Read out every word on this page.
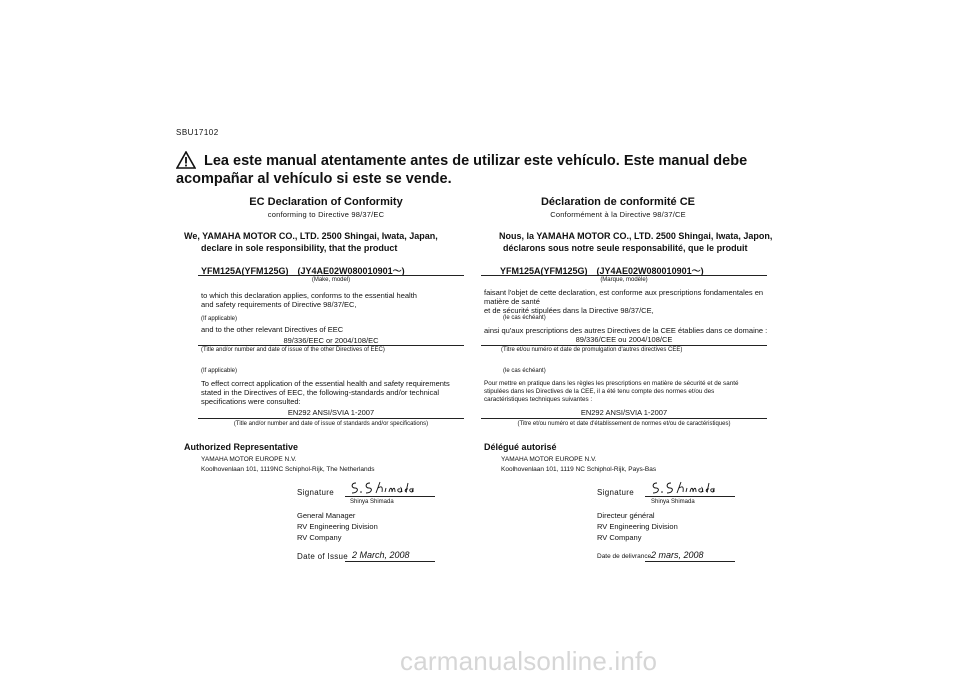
SBU17102
Lea este manual atentamente antes de utilizar este vehículo. Este manual debe acompañar al vehículo si este se vende.
EC Declaration of Conformity
conforming to Directive 98/37/EC
We, YAMAHA MOTOR CO., LTD. 2500 Shingai, Iwata, Japan,
declare in sole responsibility, that the product
YFM125A(YFM125G)　(JY4AE02W080010901～)
(Make, model)
to which this declaration applies, conforms to the essential health
and safety requirements of Directive 98/37/EC,
(If applicable)
and to the other relevant Directives of EEC
89/336/EEC or 2004/108/EC
(Title and/or number and date of issue of the other Directives of EEC)
(If applicable)
To effect correct application of the essential health and safety requirements
stated in the Directives of EEC, the following-standards and/or technical
specifications were consulted:
EN292 ANSI/SVIA 1-2007
(Title and/or number and date of issue of standards and/or specifications)
Authorized Representative
YAMAHA MOTOR EUROPE N.V.
Koolhovenlaan 101, 1119NC Schiphol-Rijk, The Netherlands
Signature
Shinya Shimada
General Manager
RV Engineering Division
RV Company
Date of Issue 2 March, 2008
Déclaration de conformité CE
Conformément à la Directive 98/37/CE
Nous, la YAMAHA MOTOR CO., LTD. 2500 Shingai, Iwata, Japon,
déclarons sous notre seule responsabilité, que le produit
YFM125A(YFM125G)　(JY4AE02W080010901～)
(Marque, modèle)
faisant l'objet de cette declaration, est conforme aux prescriptions fondamentales en
matière de santé
et de sécurité stipulées dans la Directive 98/37/CE,
(le cas échéant)
ainsi qu'aux prescriptions des autres Directives de la CEE établies dans ce domaine :
89/336/CEE ou 2004/108/CE
(Titre et/ou numéro et date de promulgation d'autres directives CEE)
(le cas échéant)
Pour mettre en pratique dans les règles les prescriptions en matière de sécurité et de santé
stipulées dans les Directives de la CEE, il a été tenu compte des normes et/ou des
caractéristiques techniques suivantes :
EN292 ANSI/SVIA 1-2007
(Titre et/ou numéro et date d'établissement de normes et/ou de caractéristiques)
Délégué autorisé
YAMAHA MOTOR EUROPE N.V.
Koolhovenlaan 101, 1119 NC Schiphol-Rijk, Pays-Bas
Signature
Shinya Shimada
Directeur général
RV Engineering Division
RV Company
Date de delivrance 2 mars, 2008
carmanualsonline.info
